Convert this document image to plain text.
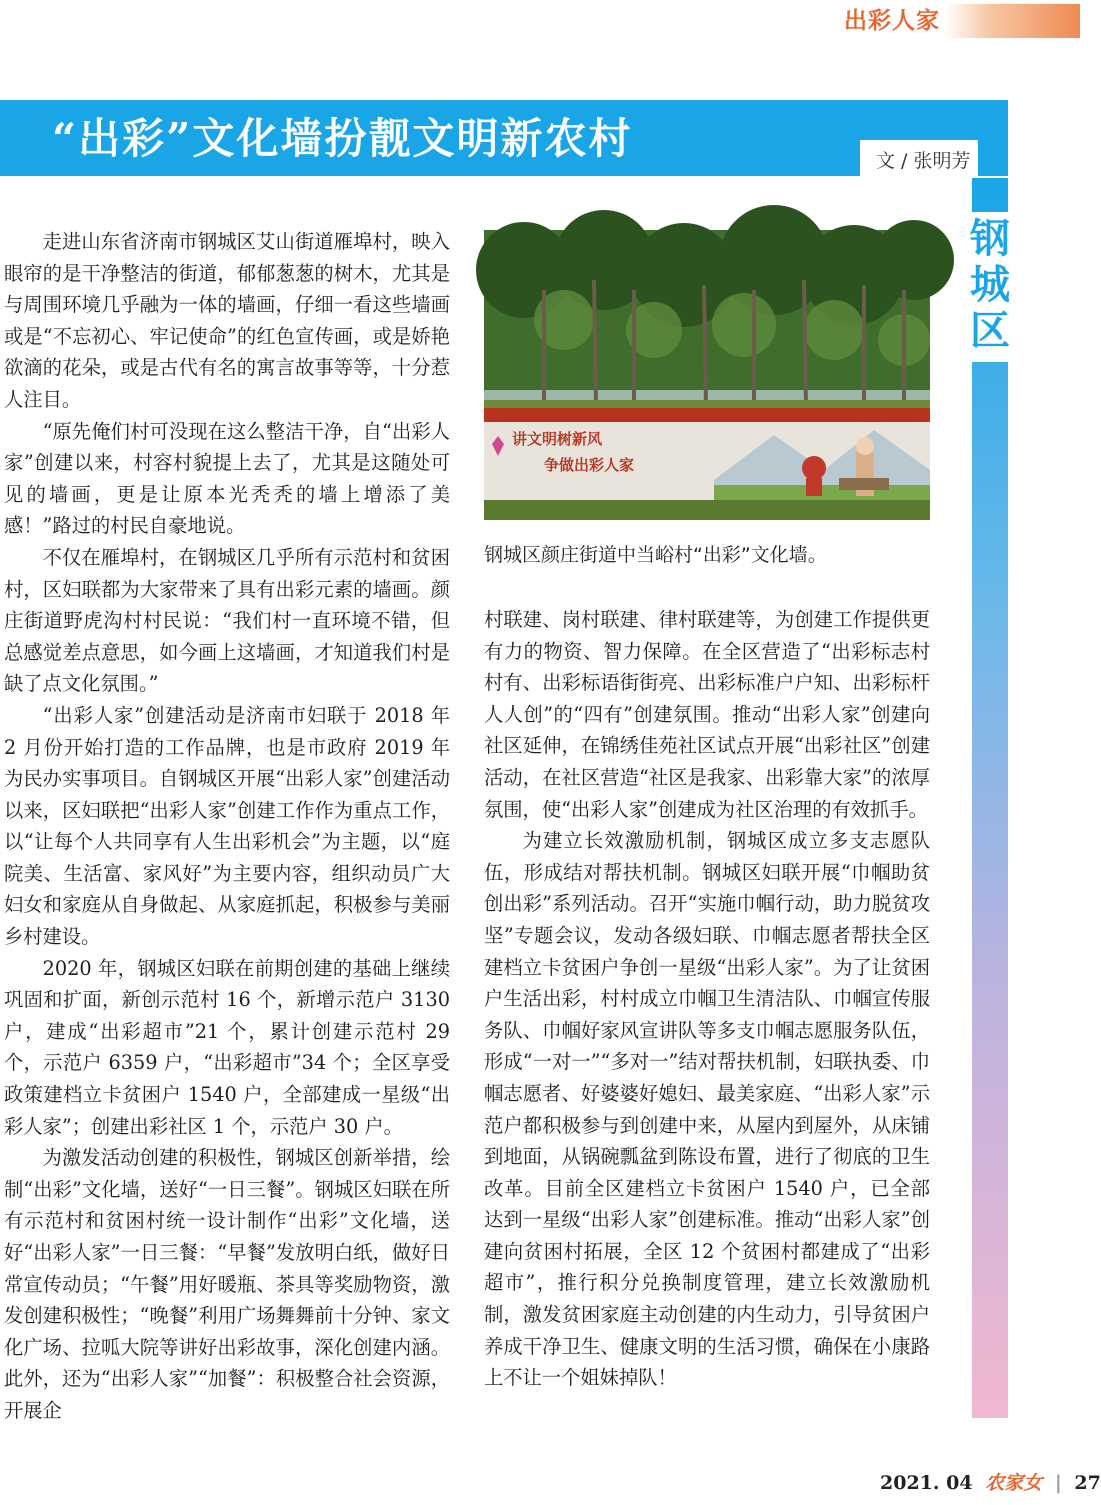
出彩人家
“出彩”文化墙扮靓文明新农村	文 / 张明芳
钢
城
区

走进山东省济南市钢城区艾山街道雁埠村，映入眼帘的是干净整洁的街道，郁郁葱葱的树木，尤其是与周围环境几乎融为一体的墙画，仔细一看这些墙画或是“不忘初心、牢记使命”的红色宣传画，或是娇艳欲滴的花朵，或是古代有名的寓言故事等等，十分惹人注目。

“原先俺们村可没现在这么整洁干净，自“出彩人家”创建以来，村容村貌提上去了，尤其是这随处可见的墙画，更是让原本光秃秃的墙上增添了美感！”路过的村民自豪地说。

不仅在雁埠村，在钢城区几乎所有示范村和贫困村，区妇联都为大家带来了具有出彩元素的墙画。颜庄街道野虎沟村村民说：“我们村一直环境不错，但总感觉差点意思，如今画上这墙画，才知道我们村是缺了点文化氛围。”

“出彩人家”创建活动是济南市妇联于 2018 年 2 月份开始打造的工作品牌，也是市政府 2019 年为民办实事项目。自钢城区开展“出彩人家”创建活动以来，区妇联把“出彩人家”创建工作作为重点工作，以“让每个人共同享有人生出彩机会”为主题，以“庭院美、生活富、家风好”为主要内容，组织动员广大妇女和家庭从自身做起、从家庭抓起，积极参与美丽乡村建设。

2020 年，钢城区妇联在前期创建的基础上继续巩固和扩面，新创示范村 16 个，新增示范户 3130 户，建成“出彩超市”21 个，累计创建示范村 29 个，示范户 6359 户，“出彩超市”34 个；全区享受政策建档立卡贫困户 1540 户，全部建成一星级“出彩人家”；创建出彩社区 1 个，示范户 30 户。

为激发活动创建的积极性，钢城区创新举措，绘制“出彩”文化墙，送好“一日三餐”。钢城区妇联在所有示范村和贫困村统一设计制作“出彩”文化墙，送好“出彩人家”一日三餐：“早餐”发放明白纸，做好日常宣传动员；“午餐”用好暖瓶、茶具等奖励物资，激发创建积极性；“晚餐”利用广场舞舞前十分钟、家文化广场、拉呱大院等讲好出彩故事，深化创建内涵。此外，还为“出彩人家”“加餐”：积极整合社会资源，开展企

讲文明树新风
争做出彩人家
钢城区颜庄街道中当峪村“出彩”文化墙。

村联建、岗村联建、律村联建等，为创建工作提供更有力的物资、智力保障。在全区营造了“出彩标志村村有、出彩标语街街亮、出彩标准户户知、出彩标杆人人创”的“四有”创建氛围。推动“出彩人家”创建向社区延伸，在锦绣佳苑社区试点开展“出彩社区”创建活动，在社区营造“社区是我家、出彩靠大家”的浓厚氛围，使“出彩人家”创建成为社区治理的有效抓手。

为建立长效激励机制，钢城区成立多支志愿队伍，形成结对帮扶机制。钢城区妇联开展“巾帼助贫创出彩”系列活动。召开“实施巾帼行动，助力脱贫攻坚”专题会议，发动各级妇联、巾帼志愿者帮扶全区建档立卡贫困户争创一星级“出彩人家”。为了让贫困户生活出彩，村村成立巾帼卫生清洁队、巾帼宣传服务队、巾帼好家风宣讲队等多支巾帼志愿服务队伍，形成“一对一”“多对一”结对帮扶机制，妇联执委、巾帼志愿者、好婆婆好媳妇、最美家庭、“出彩人家”示范户都积极参与到创建中来，从屋内到屋外，从床铺到地面，从锅碗瓢盆到陈设布置，进行了彻底的卫生改革。目前全区建档立卡贫困户 1540 户，已全部达到一星级“出彩人家”创建标准。推动“出彩人家”创建向贫困村拓展，全区 12 个贫困村都建成了“出彩超市”，推行积分兑换制度管理，建立长效激励机制，激发贫困家庭主动创建的内生动力，引导贫困户养成干净卫生、健康文明的生活习惯，确保在小康路上不让一个姐妹掉队！

2021. 04 农家女 | 27
